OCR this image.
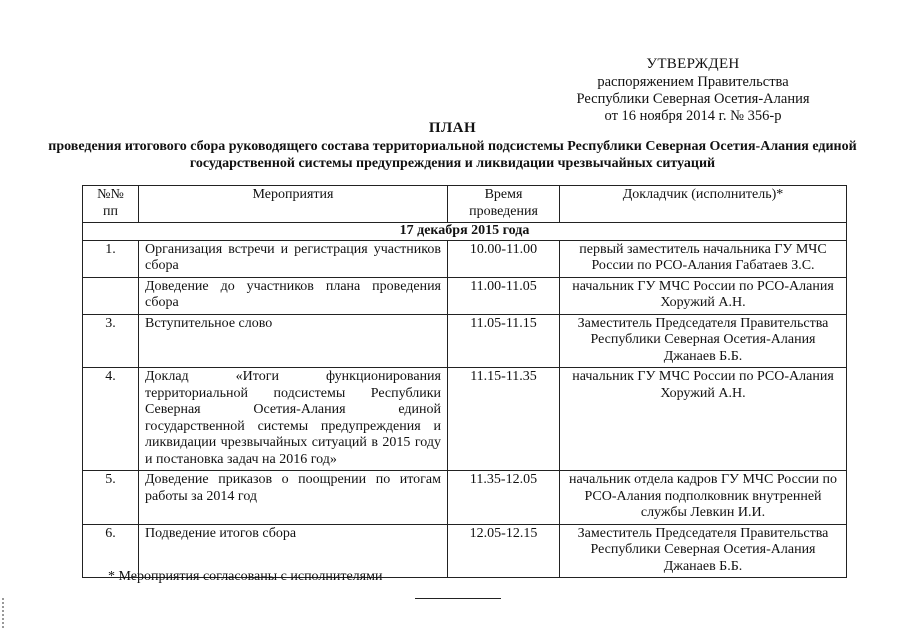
УТВЕРЖДЕН
распоряжением Правительства
Республики Северная Осетия-Алания
от 16 ноября 2014 г. № 356-р
ПЛАН
проведения итогового сбора руководящего состава территориальной подсистемы Республики Северная Осетия-Алания единой государственной системы предупреждения и ликвидации чрезвычайных ситуаций
№№ пп	Мероприятия	Время проведения	Докладчик (исполнитель)*
17 декабря 2015 года			
1.	Организация встречи и регистрация участников сбора	10.00-11.00	первый заместитель начальника ГУ МЧС России по РСО-Алания Габатаев З.С.
	Доведение до участников плана проведения сбора	11.00-11.05	начальник ГУ МЧС России по РСО-Алания Хоружий А.Н.
3.	Вступительное слово	11.05-11.15	Заместитель Председателя Правительства Республики Северная Осетия-Алания Джанаев Б.Б.
4.	Доклад «Итоги функционирования территориальной подсистемы Республики Северная Осетия-Алания единой государственной системы предупреждения и ликвидации чрезвычайных ситуаций в 2015 году и постановка задач на 2016 год»	11.15-11.35	начальник ГУ МЧС России по РСО-Алания Хоружий А.Н.
5.	Доведение приказов о поощрении по итогам работы за 2014 год	11.35-12.05	начальник отдела кадров ГУ МЧС России по РСО-Алания подполковник внутренней службы Левкин И.И.
6.	Подведение итогов сбора	12.05-12.15	Заместитель Председателя Правительства Республики Северная Осетия-Алания Джанаев Б.Б.
* Мероприятия согласованы с исполнителями
